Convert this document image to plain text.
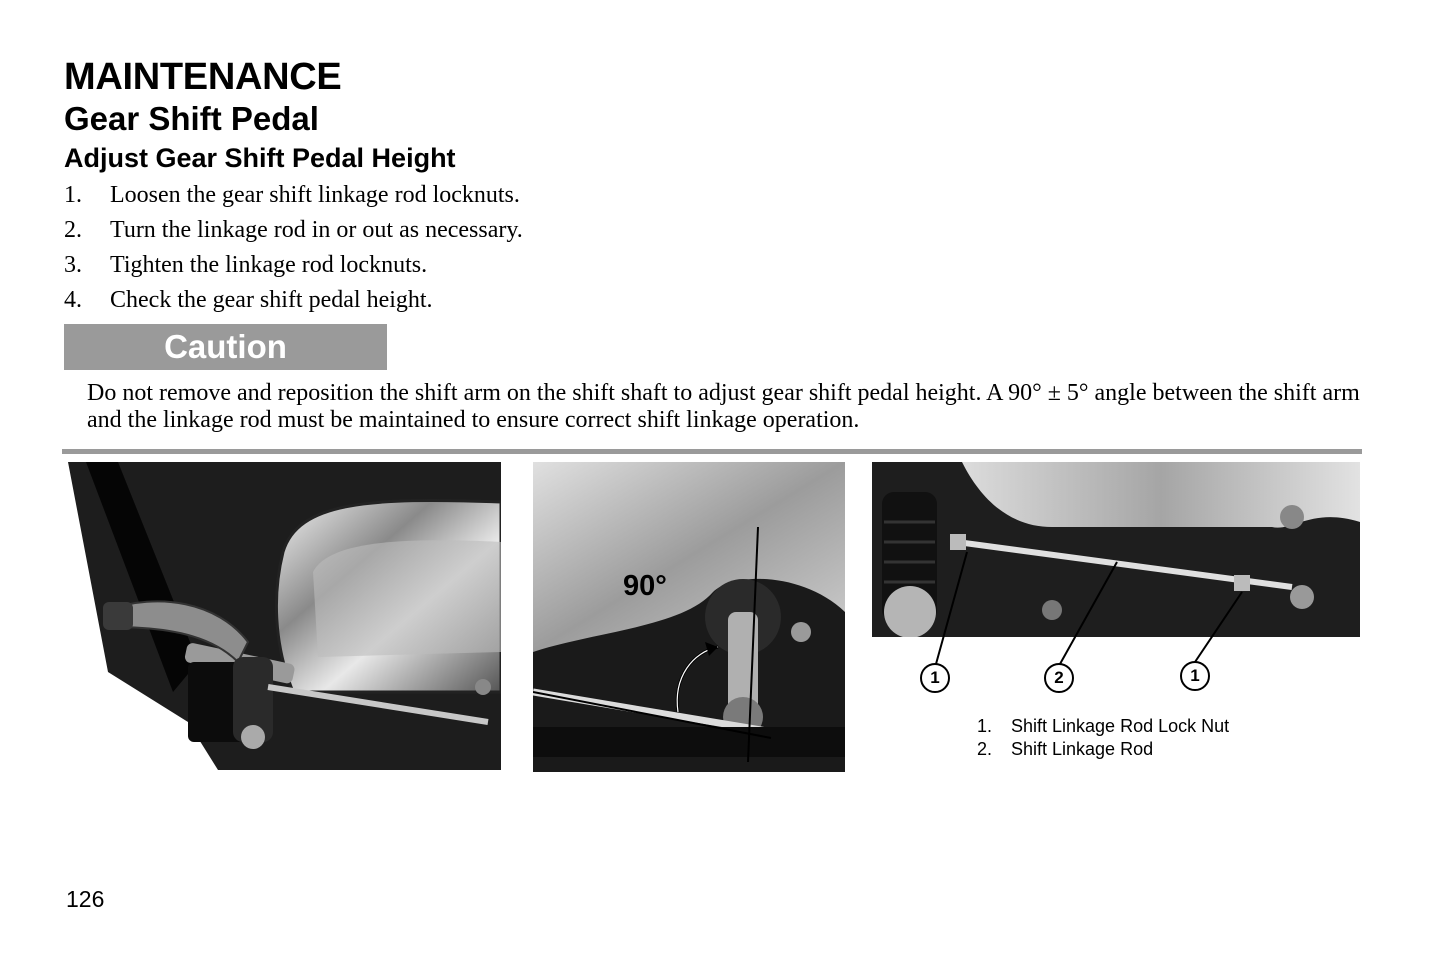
MAINTENANCE
Gear Shift Pedal
Adjust Gear Shift Pedal Height
1.	Loosen the gear shift linkage rod locknuts.
2.	Turn the linkage rod in or out as necessary.
3.	Tighten the linkage rod locknuts.
4.	Check the gear shift pedal height.
Caution
Do not remove and reposition the shift arm on the shift shaft to adjust gear shift pedal height. A 90° ± 5° angle between the shift arm and the linkage rod must be maintained to ensure correct shift linkage operation.
90°
1	2	1
1.	Shift Linkage Rod Lock Nut
2.	Shift Linkage Rod
126
